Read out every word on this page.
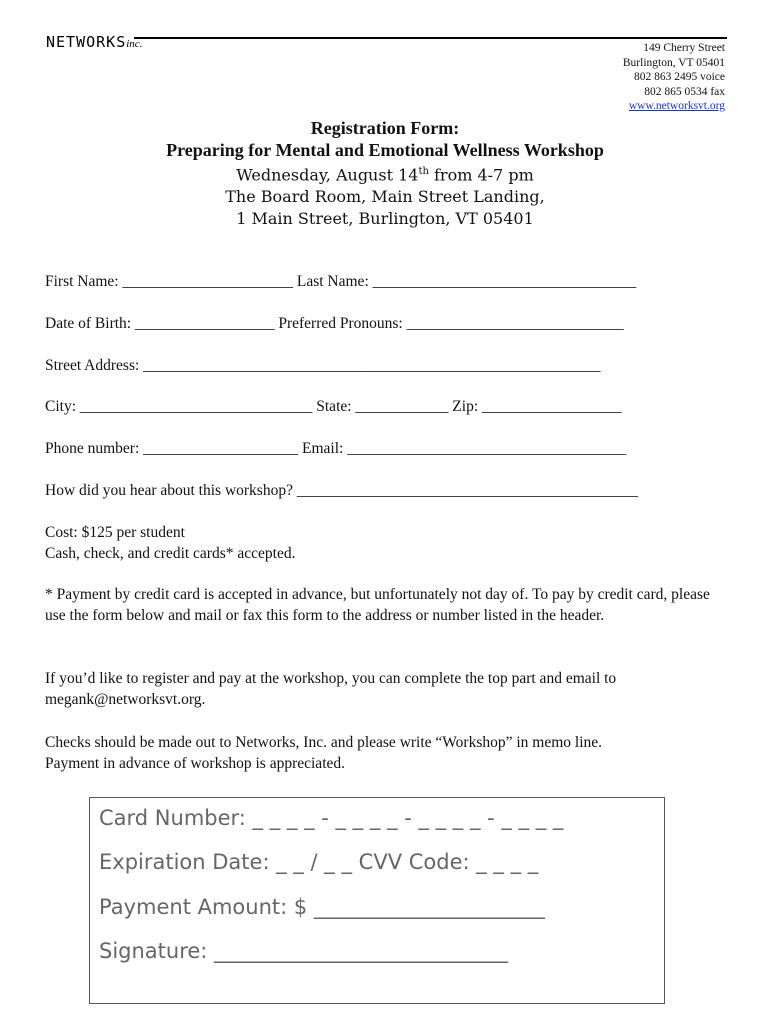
NETWORKSinc.	149 Cherry Street
Burlington, VT 05401
802 863 2495 voice
802 865 0534 fax
www.networksvt.org
Registration Form:
Preparing for Mental and Emotional Wellness Workshop
Wednesday, August 14th from 4-7 pm
The Board Room, Main Street Landing,
1 Main Street, Burlington, VT 05401
First Name: ______________________ Last Name: __________________________________
Date of Birth: __________________ Preferred Pronouns: ____________________________
Street Address: ___________________________________________________________
City: ______________________________ State: ____________ Zip: __________________
Phone number: ____________________ Email: ____________________________________
How did you hear about this workshop? ____________________________________________
Cost: $125 per student
Cash, check, and credit cards* accepted.
* Payment by credit card is accepted in advance, but unfortunately not day of. To pay by credit card, please use the form below and mail or fax this form to the address or number listed in the header.
If you’d like to register and pay at the workshop, you can complete the top part and email to megank@networksvt.org.
Checks should be made out to Networks, Inc. and please write “Workshop” in memo line.
Payment in advance of workshop is appreciated.
Card Number: _ _ _ _ - _ _ _ _ - _ _ _ _ - _ _ _ _
Expiration Date: _ _ / _ _ CVV Code: _ _ _ _
Payment Amount: $ ______________________
Signature: ____________________________
